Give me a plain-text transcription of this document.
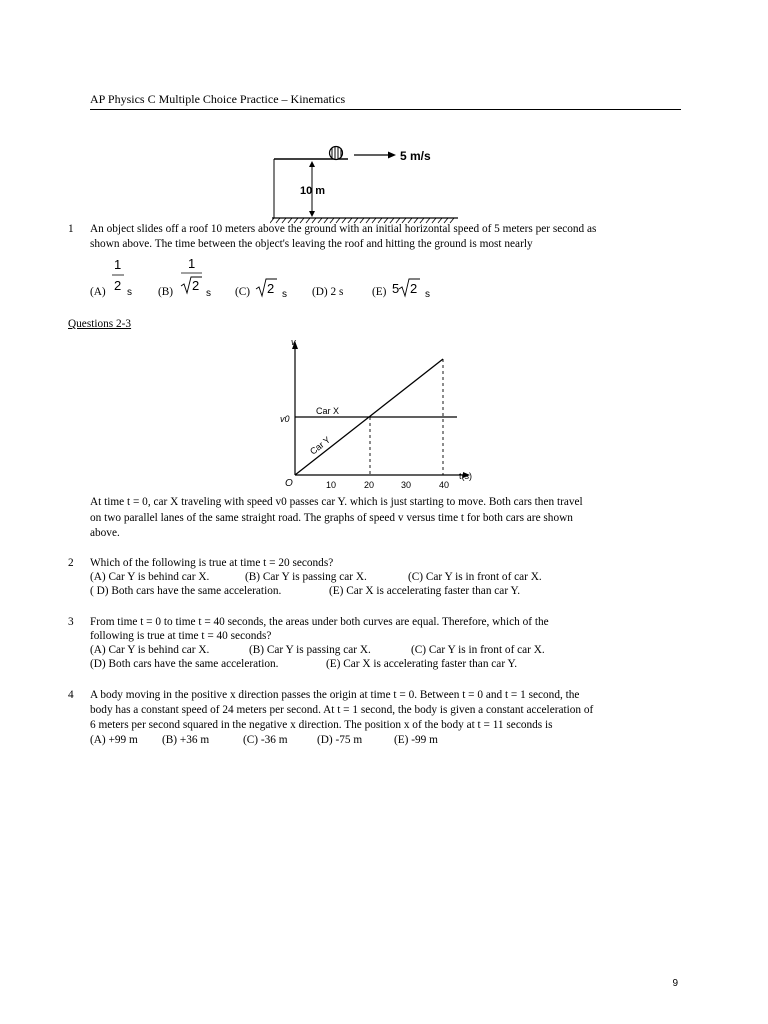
AP Physics C Multiple Choice Practice – Kinematics
5 m/s
10 m
1 An object slides off a roof 10 meters above the ground with an initial horizontal speed of 5 meters per second as
shown above. The time between the object's leaving the roof and hitting the ground is most nearly
(A)
1
2 s (B)
1
2
s (C) 2 s (D) 2 s	(E) 5 2 s
Questions 2-3
v
t(s)
O
v0
10	20	30	40
Car X
Car Y
At time t = 0, car X traveling with speed v0 passes car Y. which is just starting to move. Both cars then travel
on two parallel lanes of the same straight road. The graphs of speed v versus time t for both cars are shown
above.
2 Which of the following is true at time t = 20 seconds?
(A) Car Y is behind car X.	(B) Car Y is passing car X.	(C) Car Y is in front of car X.
( D) Both cars have the same acceleration.	(E) Car X is accelerating faster than car Y.
3 From time t = 0 to time t = 40 seconds, the areas under both curves are equal. Therefore, which of the
following is true at time t = 40 seconds?
(A) Car Y is behind car X.	(B) Car Y is passing car X.	(C) Car Y is in front of car X.
(D) Both cars have the same acceleration.	(E) Car X is accelerating faster than car Y.
4 A body moving in the positive x direction passes the origin at time t = 0. Between t = 0 and t = 1 second, the
body has a constant speed of 24 meters per second. At t = 1 second, the body is given a constant acceleration of
6 meters per second squared in the negative x direction. The position x of the body at t = 11 seconds is
(A) +99 m (B) +36 m	(C) -36 m	(D) -75 m	(E) -99 m
9
